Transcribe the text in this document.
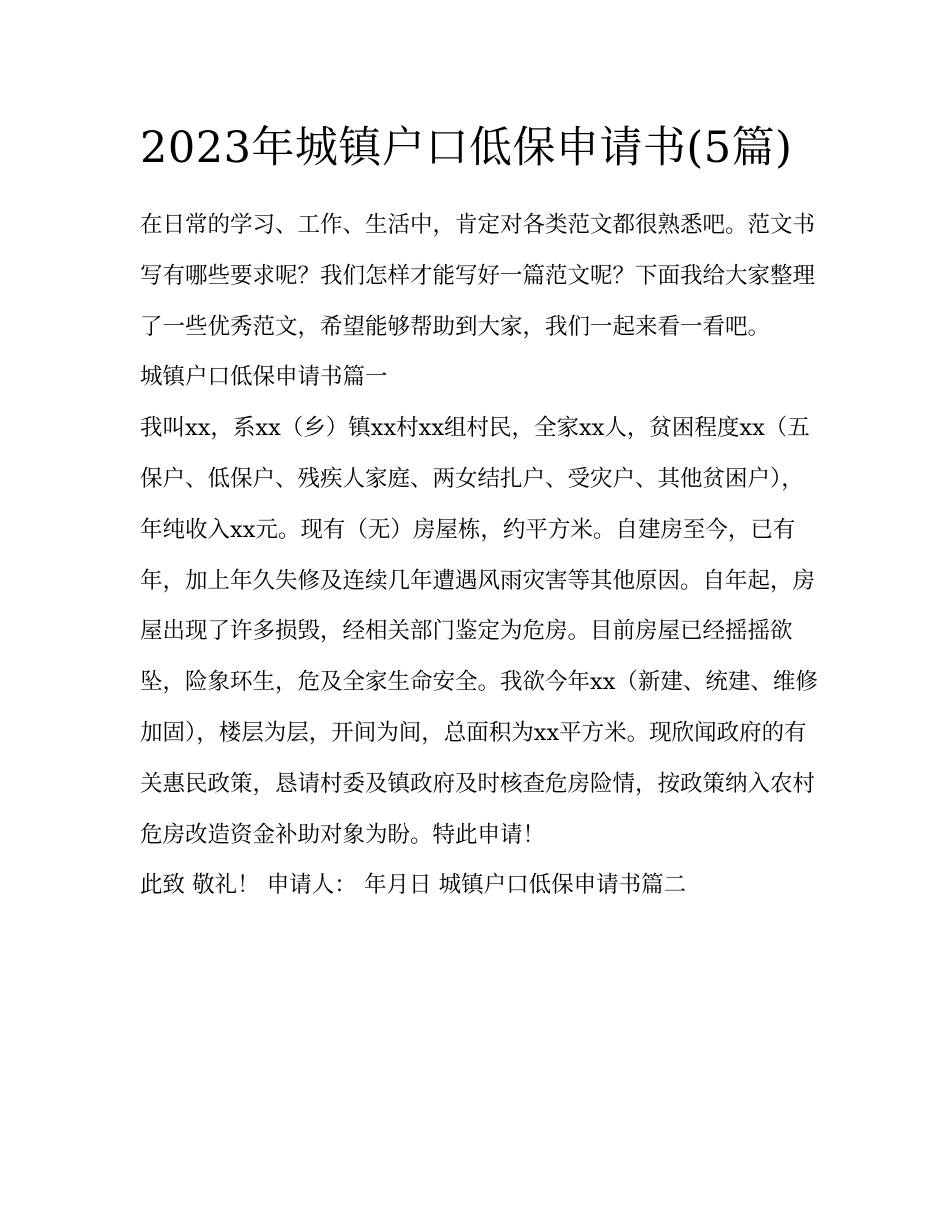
2023年城镇户口低保申请书(5篇)

在日常的学习、工作、生活中，肯定对各类范文都很熟悉吧。范文书写有哪些要求呢？我们怎样才能写好一篇范文呢？下面我给大家整理了一些优秀范文，希望能够帮助到大家，我们一起来看一看吧。

城镇户口低保申请书篇一

我叫xx，系xx（乡）镇xx村xx组村民，全家xx人，贫困程度xx（五保户、低保户、残疾人家庭、两女结扎户、受灾户、其他贫困户），年纯收入xx元。现有（无）房屋栋，约平方米。自建房至今，已有年，加上年久失修及连续几年遭遇风雨灾害等其他原因。自年起，房屋出现了许多损毁，经相关部门鉴定为危房。目前房屋已经摇摇欲坠，险象环生，危及全家生命安全。我欲今年xx（新建、统建、维修加固），楼层为层，开间为间，总面积为xx平方米。现欣闻政府的有关惠民政策，恳请村委及镇政府及时核查危房险情，按政策纳入农村危房改造资金补助对象为盼。特此申请！

此致 敬礼！ 申请人： 年月日 城镇户口低保申请书篇二
